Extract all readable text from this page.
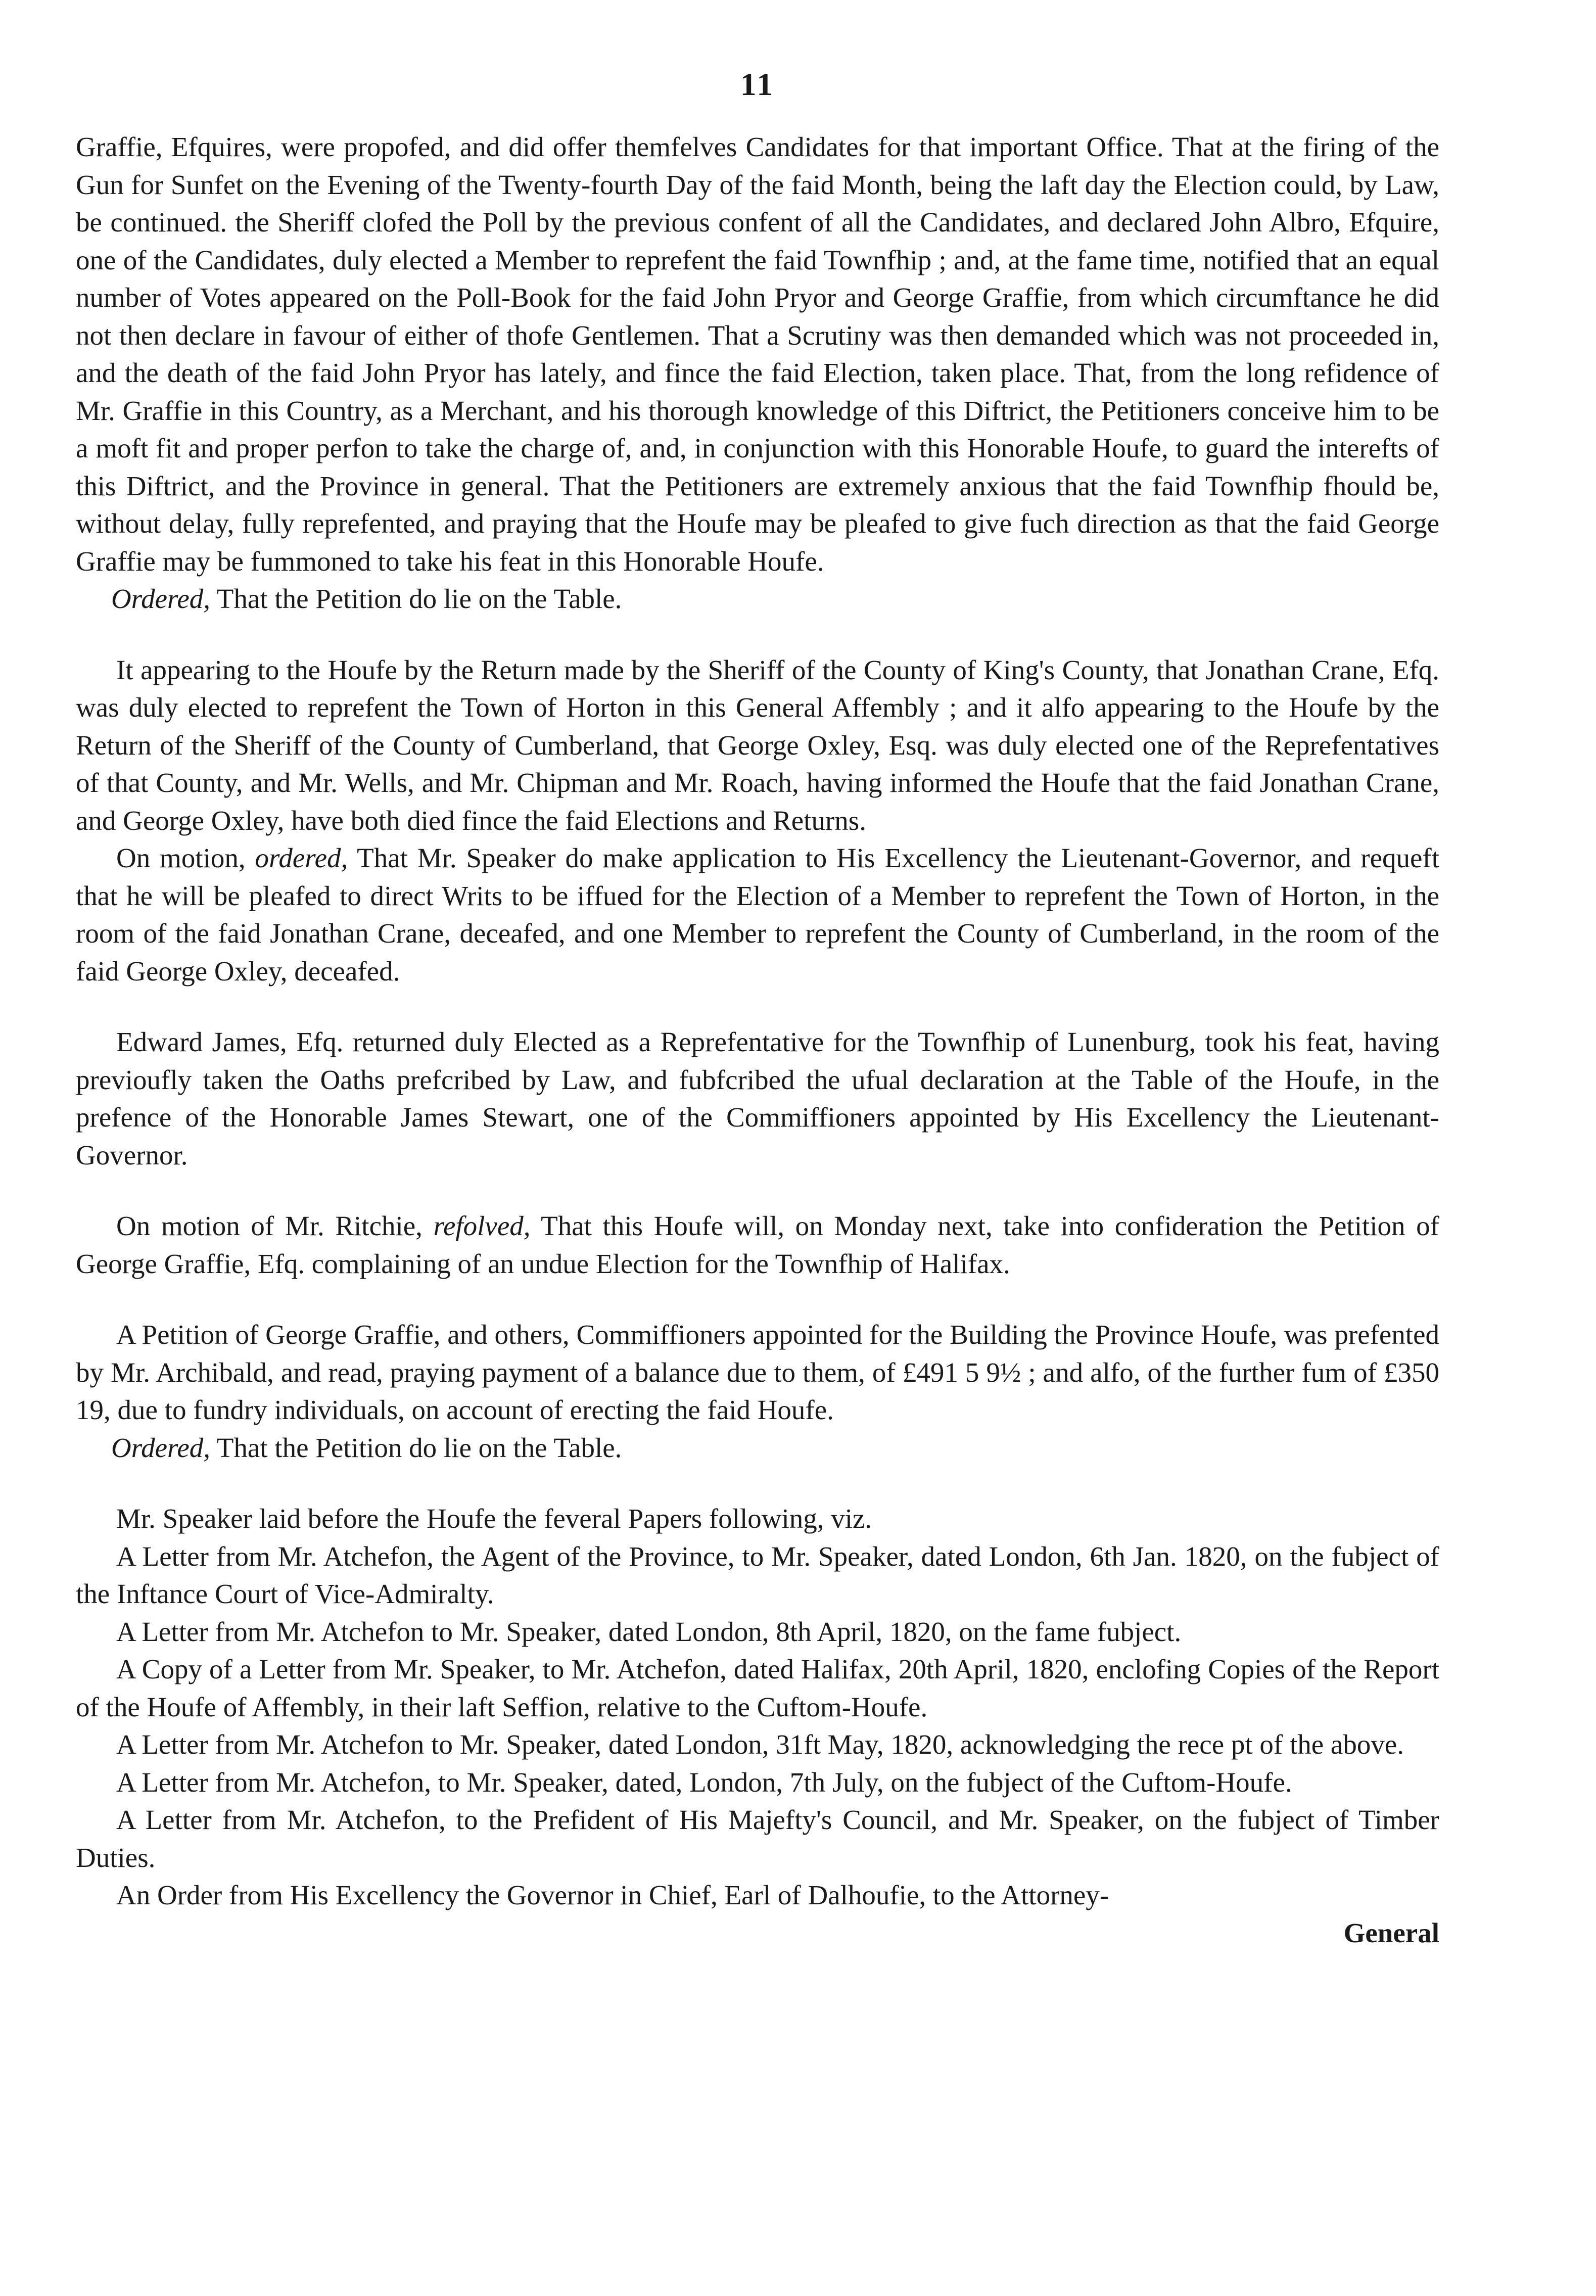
11

Graffie, Efquires, were propofed, and did offer themfelves Candidates for that important Office. That at the firing of the Gun for Sunfet on the Evening of the Twenty-fourth Day of the faid Month, being the laft day the Election could, by Law, be continued. the Sheriff clofed the Poll by the previous confent of all the Candidates, and declared John Albro, Efquire, one of the Candidates, duly elected a Member to reprefent the faid Townfhip ; and, at the fame time, notified that an equal number of Votes appeared on the Poll-Book for the faid John Pryor and George Graffie, from which circumftance he did not then declare in favour of either of thofe Gentlemen. That a Scrutiny was then demanded which was not proceeded in, and the death of the faid John Pryor has lately, and fince the faid Election, taken place. That, from the long refidence of Mr. Graffie in this Country, as a Merchant, and his thorough knowledge of this Diftrict, the Petitioners conceive him to be a moft fit and proper perfon to take the charge of, and, in conjunction with this Honorable Houfe, to guard the interefts of this Diftrict, and the Province in general. That the Petitioners are extremely anxious that the faid Townfhip fhould be, without delay, fully reprefented, and praying that the Houfe may be pleafed to give fuch direction as that the faid George Graffie may be fummoned to take his feat in this Honorable Houfe.

Ordered, That the Petition do lie on the Table.

It appearing to the Houfe by the Return made by the Sheriff of the County of King's County, that Jonathan Crane, Efq. was duly elected to reprefent the Town of Horton in this General Affembly ; and it alfo appearing to the Houfe by the Return of the Sheriff of the County of Cumberland, that George Oxley, Esq. was duly elected one of the Reprefentatives of that County, and Mr. Wells, and Mr. Chipman and Mr. Roach, having informed the Houfe that the faid Jonathan Crane, and George Oxley, have both died fince the faid Elections and Returns.

On motion, ordered, That Mr. Speaker do make application to His Excellency the Lieutenant-Governor, and requeft that he will be pleafed to direct Writs to be iffued for the Election of a Member to reprefent the Town of Horton, in the room of the faid Jonathan Crane, deceafed, and one Member to reprefent the County of Cumberland, in the room of the faid George Oxley, deceafed.

Edward James, Efq. returned duly Elected as a Reprefentative for the Townfhip of Lunenburg, took his feat, having previoufly taken the Oaths prefcribed by Law, and fubfcribed the ufual declaration at the Table of the Houfe, in the prefence of the Honorable James Stewart, one of the Commiffioners appointed by His Excellency the Lieutenant-Governor.

On motion of Mr. Ritchie, refolved, That this Houfe will, on Monday next, take into confideration the Petition of George Graffie, Efq. complaining of an undue Election for the Townfhip of Halifax.

A Petition of George Graffie, and others, Commiffioners appointed for the Building the Province Houfe, was prefented by Mr. Archibald, and read, praying payment of a balance due to them, of £491 5 9½ ; and alfo, of the further fum of £350 19, due to fundry individuals, on account of erecting the faid Houfe.

Ordered, That the Petition do lie on the Table.

Mr. Speaker laid before the Houfe the feveral Papers following, viz.

A Letter from Mr. Atchefon, the Agent of the Province, to Mr. Speaker, dated London, 6th Jan. 1820, on the fubject of the Inftance Court of Vice-Admiralty.

A Letter from Mr. Atchefon to Mr. Speaker, dated London, 8th April, 1820, on the fame fubject.

A Copy of a Letter from Mr. Speaker, to Mr. Atchefon, dated Halifax, 20th April, 1820, enclofing Copies of the Report of the Houfe of Affembly, in their laft Seffion, relative to the Cuftom-Houfe.

A Letter from Mr. Atchefon to Mr. Speaker, dated London, 31ft May, 1820, acknowledging the rece pt of the above.

A Letter from Mr. Atchefon, to Mr. Speaker, dated, London, 7th July, on the fubject of the Cuftom-Houfe.

A Letter from Mr. Atchefon, to the Prefident of His Majefty's Council, and Mr. Speaker, on the fubject of Timber Duties.

An Order from His Excellency the Governor in Chief, Earl of Dalhoufie, to the Attorney-

General
